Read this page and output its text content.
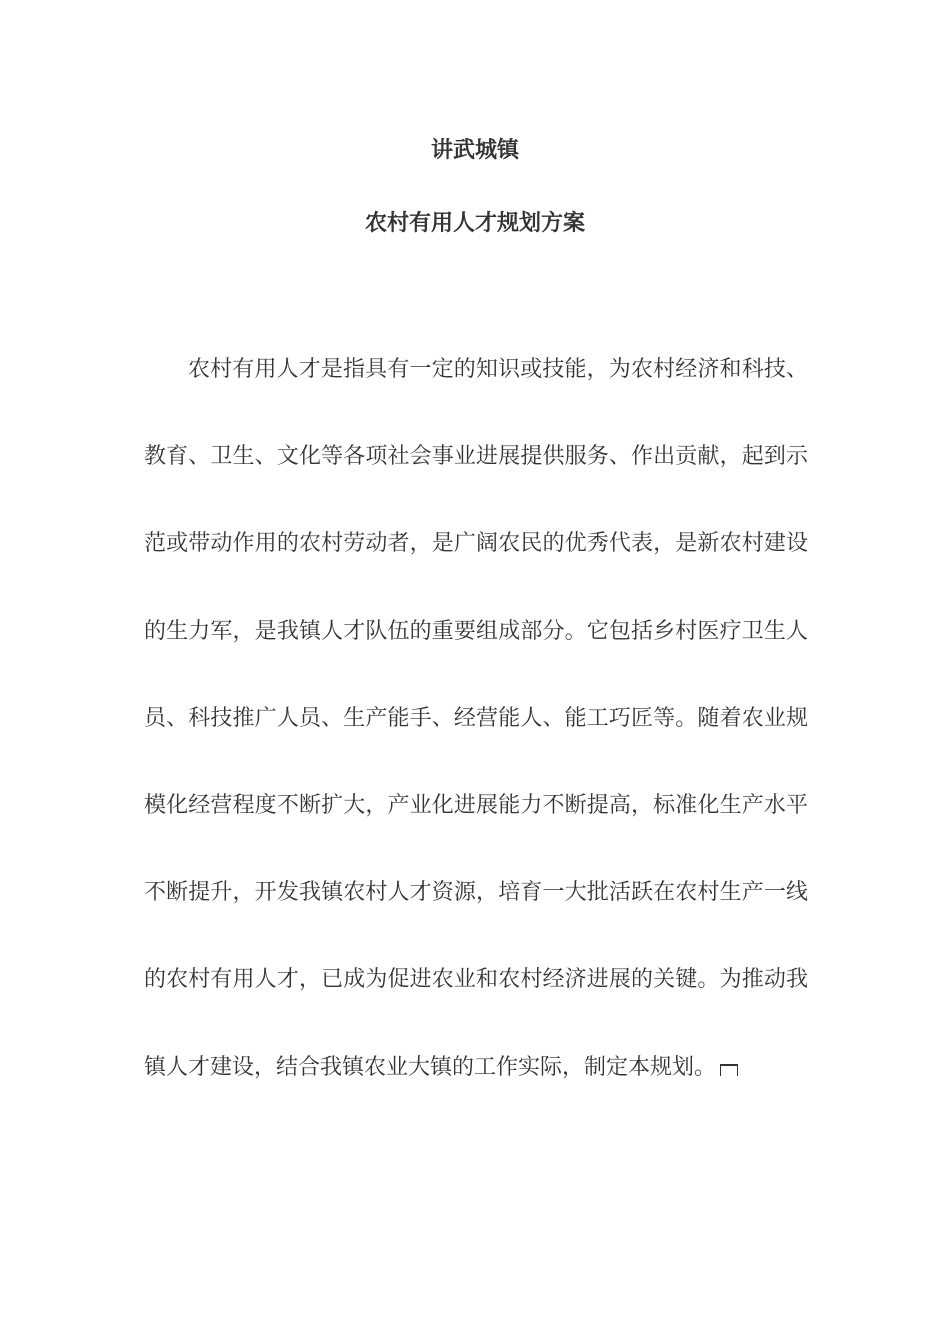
讲武城镇
农村有用人才规划方案

农村有用人才是指具有一定的知识或技能，为农村经济和科技、教育、卫生、文化等各项社会事业进展提供服务、作出贡献，起到示范或带动作用的农村劳动者，是广阔农民的优秀代表，是新农村建设的生力军，是我镇人才队伍的重要组成部分。它包括乡村医疗卫生人员、科技推广人员、生产能手、经营能人、能工巧匠等。随着农业规模化经营程度不断扩大，产业化进展能力不断提高，标准化生产水平不断提升，开发我镇农村人才资源，培育一大批活跃在农村生产一线的农村有用人才，已成为促进农业和农村经济进展的关键。为推动我镇人才建设，结合我镇农业大镇的工作实际，制定本规划。
